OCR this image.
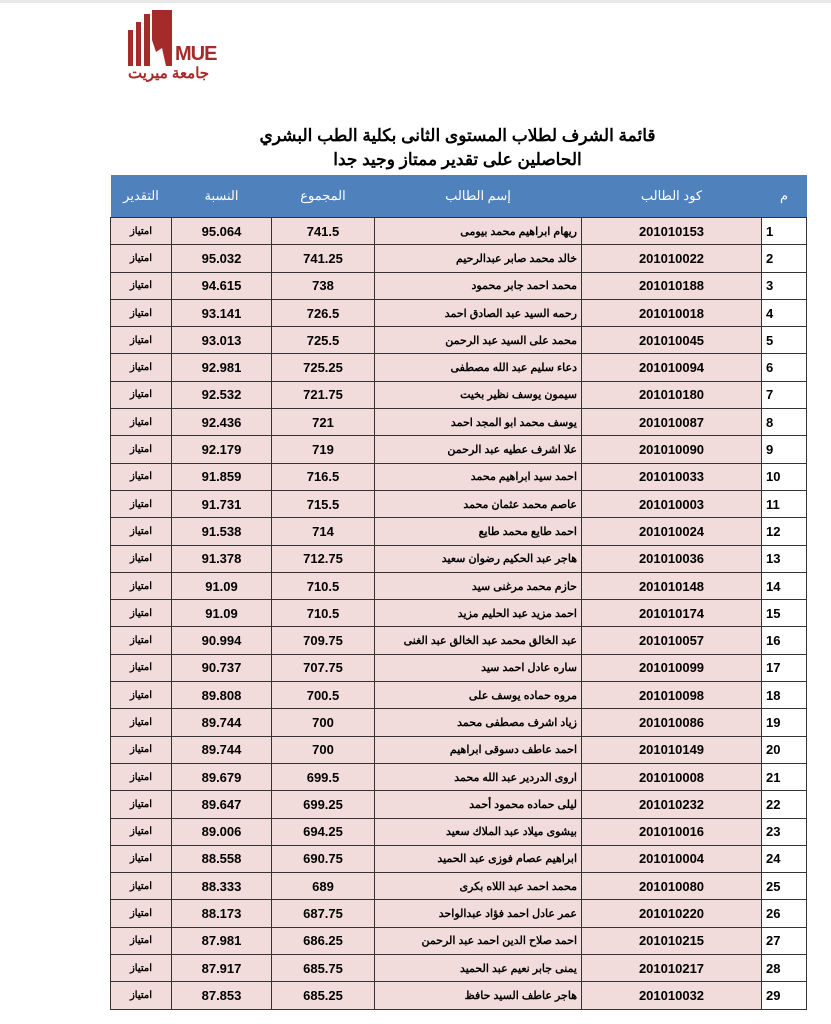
MUE
جامعة ميريت
قائمة الشرف لطلاب المستوى الثانى بكلية الطب البشري
الحاصلين على تقدير ممتاز وجيد جدا
م	كود الطالب	إسم الطالب	المجموع	النسبة	التقدير
1	201010153	ريهام ابراهيم محمد بيومى	741.5	95.064	امتياز
2	201010022	خالد محمد صابر عبدالرحيم	741.25	95.032	امتياز
3	201010188	محمد احمد جابر محمود	738	94.615	امتياز
4	201010018	رحمه السيد عبد الصادق احمد	726.5	93.141	امتياز
5	201010045	محمد على السيد عبد الرحمن	725.5	93.013	امتياز
6	201010094	دعاء سليم عبد الله مصطفى	725.25	92.981	امتياز
7	201010180	سيمون يوسف نظير بخيت	721.75	92.532	امتياز
8	201010087	يوسف محمد ابو المجد احمد	721	92.436	امتياز
9	201010090	علا اشرف عطيه عبد الرحمن	719	92.179	امتياز
10	201010033	احمد سيد ابراهيم محمد	716.5	91.859	امتياز
11	201010003	عاصم محمد عثمان محمد	715.5	91.731	امتياز
12	201010024	احمد طايع محمد طايع	714	91.538	امتياز
13	201010036	هاجر عبد الحكيم رضوان سعيد	712.75	91.378	امتياز
14	201010148	حازم محمد مرغنى سيد	710.5	91.09	امتياز
15	201010174	احمد مزيد عبد الحليم مزيد	710.5	91.09	امتياز
16	201010057	عبد الخالق محمد عبد الخالق عبد الغنى	709.75	90.994	امتياز
17	201010099	ساره عادل احمد سيد	707.75	90.737	امتياز
18	201010098	مروه حماده يوسف على	700.5	89.808	امتياز
19	201010086	زياد اشرف مصطفى محمد	700	89.744	امتياز
20	201010149	احمد عاطف دسوقى ابراهيم	700	89.744	امتياز
21	201010008	اروى الدردير عبد الله محمد	699.5	89.679	امتياز
22	201010232	ليلى حماده محمود أحمد	699.25	89.647	امتياز
23	201010016	بيشوى ميلاد عبد الملاك سعيد	694.25	89.006	امتياز
24	201010004	ابراهيم عصام فوزى عبد الحميد	690.75	88.558	امتياز
25	201010080	محمد احمد عبد اللاه بكرى	689	88.333	امتياز
26	201010220	عمر عادل احمد فؤاد عبدالواحد	687.75	88.173	امتياز
27	201010215	احمد صلاح الدين احمد عبد الرحمن	686.25	87.981	امتياز
28	201010217	يمنى جابر نعيم عبد الحميد	685.75	87.917	امتياز
29	201010032	هاجر عاطف السيد حافظ	685.25	87.853	امتياز
